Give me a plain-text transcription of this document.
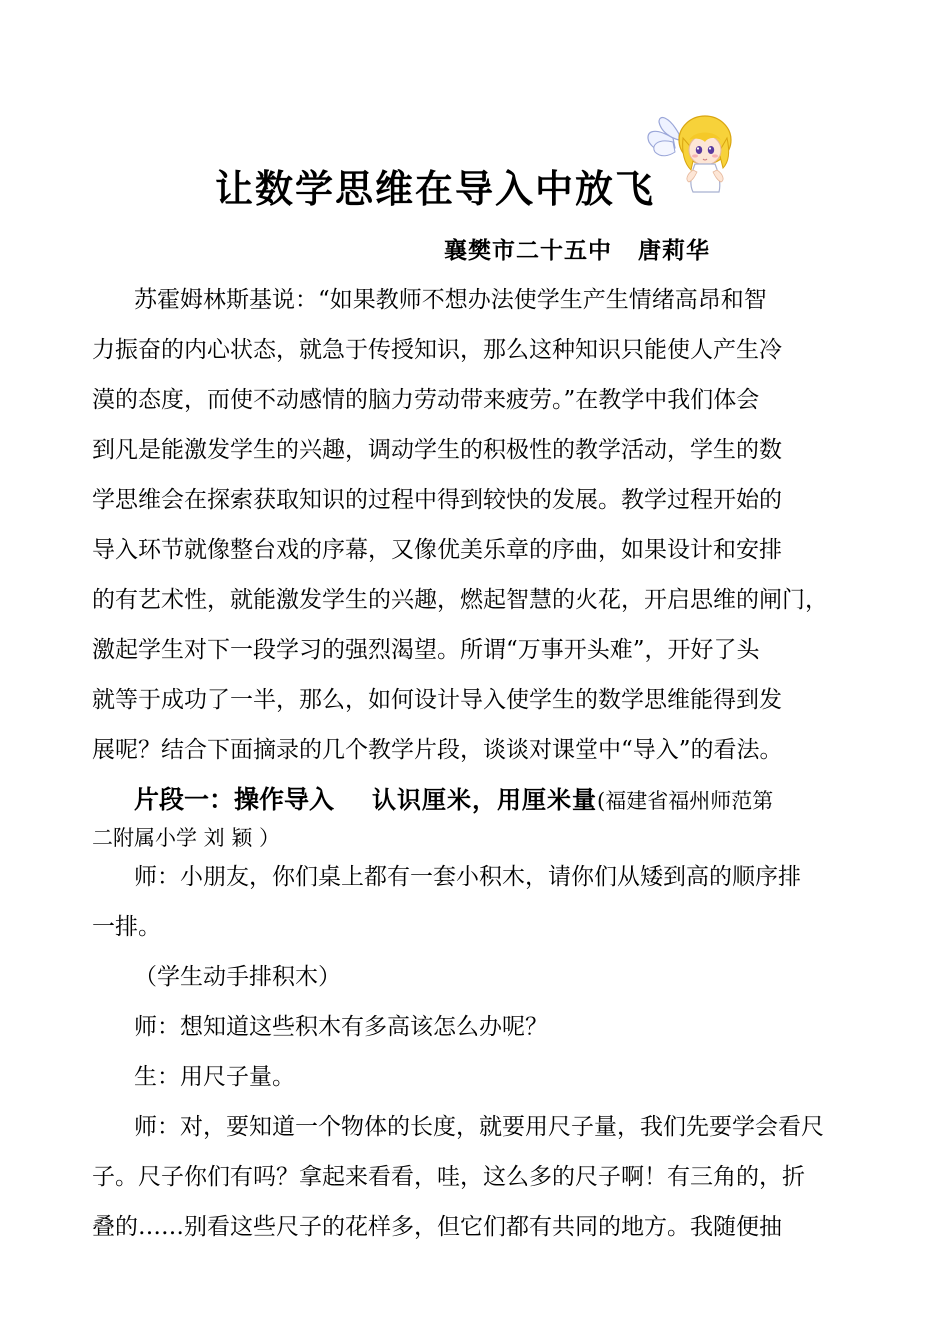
让数学思维在导入中放飞
襄樊市二十五中 唐莉华
苏霍姆林斯基说：“如果教师不想办法使学生产生情绪高昂和智
力振奋的内心状态，就急于传授知识，那么这种知识只能使人产生冷
漠的态度，而使不动感情的脑力劳动带来疲劳。”在教学中我们体会
到凡是能激发学生的兴趣，调动学生的积极性的教学活动，学生的数
学思维会在探索获取知识的过程中得到较快的发展。教学过程开始的
导入环节就像整台戏的序幕，又像优美乐章的序曲，如果设计和安排
的有艺术性，就能激发学生的兴趣，燃起智慧的火花，开启思维的闸门，
激起学生对下一段学习的强烈渴望。所谓“万事开头难”，开好了头
就等于成功了一半，那么，如何设计导入使学生的数学思维能得到发
展呢？结合下面摘录的几个教学片段，谈谈对课堂中“导入”的看法。
片段一：操作导入 认识厘米，用厘米量(福建省福州师范第
二附属小学 刘 颖 ）
师：小朋友，你们桌上都有一套小积木，请你们从矮到高的顺序排
一排。
（学生动手排积木）
师：想知道这些积木有多高该怎么办呢？
生：用尺子量。
师：对，要知道一个物体的长度，就要用尺子量，我们先要学会看尺
子。尺子你们有吗？拿起来看看，哇，这么多的尺子啊！有三角的，折
叠的……别看这些尺子的花样多，但它们都有共同的地方。我随便抽
